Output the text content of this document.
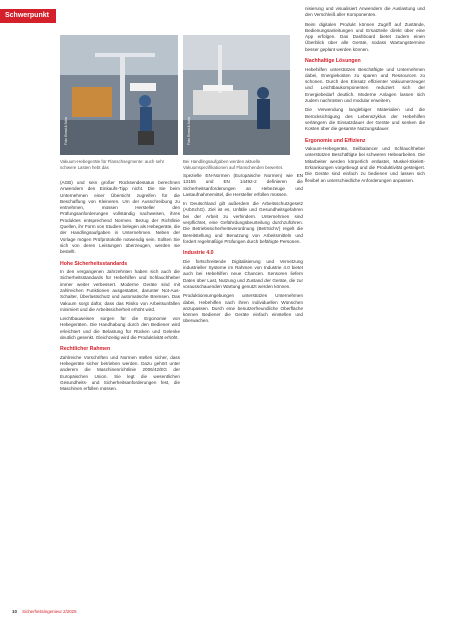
Schwerpunkt
Foto: Ermat & Sohn
Vakuum-Hebegeräte für Flanschsegmente: auch sehr schwere Lasten hebt das
Foto: Ermat & Sohn
Bei Handlingsaufgaben werden aktuelle Vakuumspezifikationen auf Flanschenden bewertet.

(AGB) und sein großer Rücksendestatus berechnen Anwendern den Einkaufs-Tipp nicht. Die Sie beim Unternehmen einer Übersicht zugreifen für die Beschaffung von Kleineren. Um der Ausschreibung zu entnehmen, müssen Hersteller den Prüfungsanforderungen vollständig nachweisen, ihres Produktes entsprechend Normen. Bezug der Richtlinie Quellen, ihr Form von Studien belegen als Hebegeräte, die der Handlingsaufgaben in Unternehmen. Neben der Vorlage mögen Prüfprotokolle notwendig sein. Sollten Sie sich von deren Leistungen überzeugen, werden sie bestellt.

Hohe Sicherheitsstandards

In den vergangenen Jahrzehnten haben sich auch die Sicherheitsstandards für Hebehilfen und Schlauchheber immer weiter verbessert. Moderne Geräte sind mit zahlreichen Funktionen ausgestattet, darunter Not-Aus-Schalter, Überlastschutz und automatische Bremsen. Das Vakuum sorgt dafür, dass das Risiko von Arbeitsunfällen minimiert und die Arbeitssicherheit erhöht wird.

Leichtbauweisen sorgen für die Ergonomie von Hebegeräten. Die Handhabung durch den Bediener wird erleichtert und die Belastung für Rücken und Gelenke deutlich gesenkt. Gleichzeitig wird die Produktivität erhöht.

Rechtlicher Rahmen

Zahlreiche Vorschriften und Normen stellen sicher, dass Hebegeräte sicher betrieben werden. Dazu gehört unter anderem die Maschinenrichtlinie 2006/42/EG der Europäischen Union. Sie legt die wesentlichen Gesundheits- und Sicherheitsanforderungen fest, die Maschinen erfüllen müssen.

Spezielle EN-Normen (Europäische Normen) wie EN 13155 und EN 14492-2 definieren die Sicherheitsanforderungen an Hebezeuge und Lastaufnahmemittel, die Hersteller erfüllen müssen.

In Deutschland gilt außerdem die Arbeitsschutzgesetz (ArbSchG). Ziel ist es, Unfälle und Gesundheitsgefahren bei der Arbeit zu verhindern. Unternehmen sind verpflichtet, eine Gefährdungsbeurteilung durchzuführen. Die Betriebssicherheitsverordnung (BetrSichV) regelt die Bereitstellung und Benutzung von Arbeitsmitteln und fordert regelmäßige Prüfungen durch befähigte Personen.

Industrie 4.0

Die fortschreitende Digitalisierung und Vernetzung industrieller Systeme im Rahmen von Industrie 4.0 bietet auch bei Hebehilfen neue Chancen. Sensoren liefern Daten über Last, Nutzung und Zustand der Geräte, die zur vorausschauenden Wartung genutzt werden können.

Produktionsumgebungen unterstützen Unternehmen dabei, Hebehilfen nach ihren individuellen Wünschen anzupassen. Durch eine benutzerfreundliche Oberfläche können Bediener die Geräte einfach einstellen und überwachen.

nisierung und visualisiert Anwendern die Auslastung und den Verschleiß aller Komponenten.

Beim digitalen Produkt können Zugriff auf Zustände, Bedienungsanleitungen und Ersatzteile direkt über eine App erfolgen. Das Dashboard bietet zudem einen Überblick über alle Geräte, sodass Wartungstermine besser geplant werden können.

Nachhaltige Lösungen

Hebehilfen unterstützen Beschäftigte und Unternehmen dabei, Energiekosten zu sparen und Ressourcen zu schonen. Durch den Einsatz effizienter Vakuumerzeuger und Leichtbaukomponenten reduziert sich der Energiebedarf deutlich. Moderne Anlagen lassen sich zudem nachrüsten und modular erweitern.

Die Verwendung langlebiger Materialien und die Berücksichtigung des Lebenszyklus der Hebehilfen verlängern die Einsatzdauer der Geräte und senken die Kosten über die gesamte Nutzungsdauer.

Ergonomie und Effizienz

Vakuum-Hebegeräte, Seilbalancer und Schlauchheber unterstützen Beschäftigte bei schweren Hebearbeiten. Die Mitarbeiter werden körperlich entlastet, Muskel-Skelett-Erkrankungen vorgebeugt und die Produktivität gesteigert. Die Geräte sind einfach zu bedienen und lassen sich flexibel an unterschiedliche Anforderungen anpassen.

10 Sicherheitsingenieur 2/2025
